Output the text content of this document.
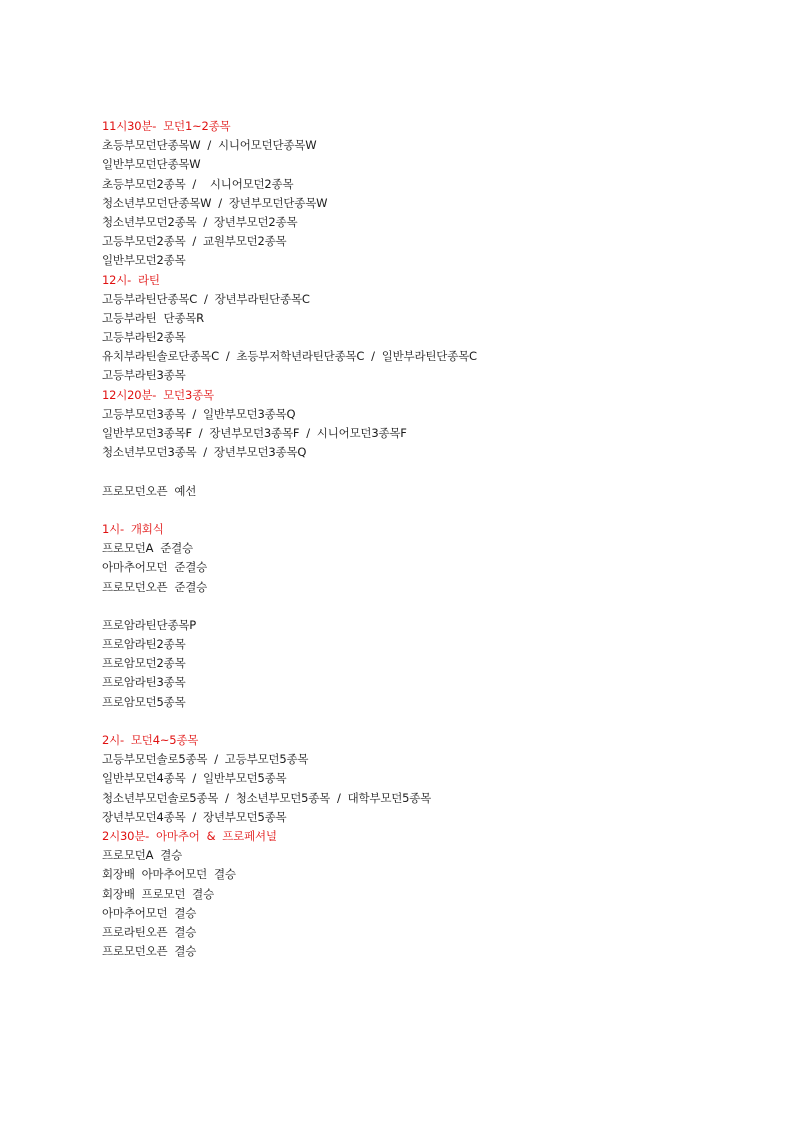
11시30분-  모던1~2종목
초등부모던단종목W  /  시니어모던단종목W
일반부모던단종목W
초등부모던2종목  /    시니어모던2종목
청소년부모던단종목W  /  장년부모던단종목W
청소년부모던2종목  /  장년부모던2종목
고등부모던2종목  /  교원부모던2종목
일반부모던2종목
12시-  라틴
고등부라틴단종목C  /  장년부라틴단종목C
고등부라틴  단종목R
고등부라틴2종목
유치부라틴솔로단종목C  /  초등부저학년라틴단종목C  /  일반부라틴단종목C
고등부라틴3종목
12시20분-  모던3종목
고등부모던3종목  /  일반부모던3종목Q
일반부모던3종목F  /  장년부모던3종목F  /  시니어모던3종목F
청소년부모던3종목  /  장년부모던3종목Q
프로모던오픈  예선
1시-  개회식
프로모던A  준결승
아마추어모던  준결승
프로모던오픈  준결승
프로암라틴단종목P
프로암라틴2종목
프로암모던2종목
프로암라틴3종목
프로암모던5종목
2시-  모던4~5종목
고등부모던솔로5종목  /  고등부모던5종목
일반부모던4종목  /  일반부모던5종목
청소년부모던솔로5종목  /  청소년부모던5종목  /  대학부모던5종목
장년부모던4종목  /  장년부모던5종목
2시30분-  아마추어  &  프로페셔널
프로모던A  결승
회장배  아마추어모던  결승
회장배  프로모던  결승
아마추어모던  결승
프로라틴오픈  결승
프로모던오픈  결승
